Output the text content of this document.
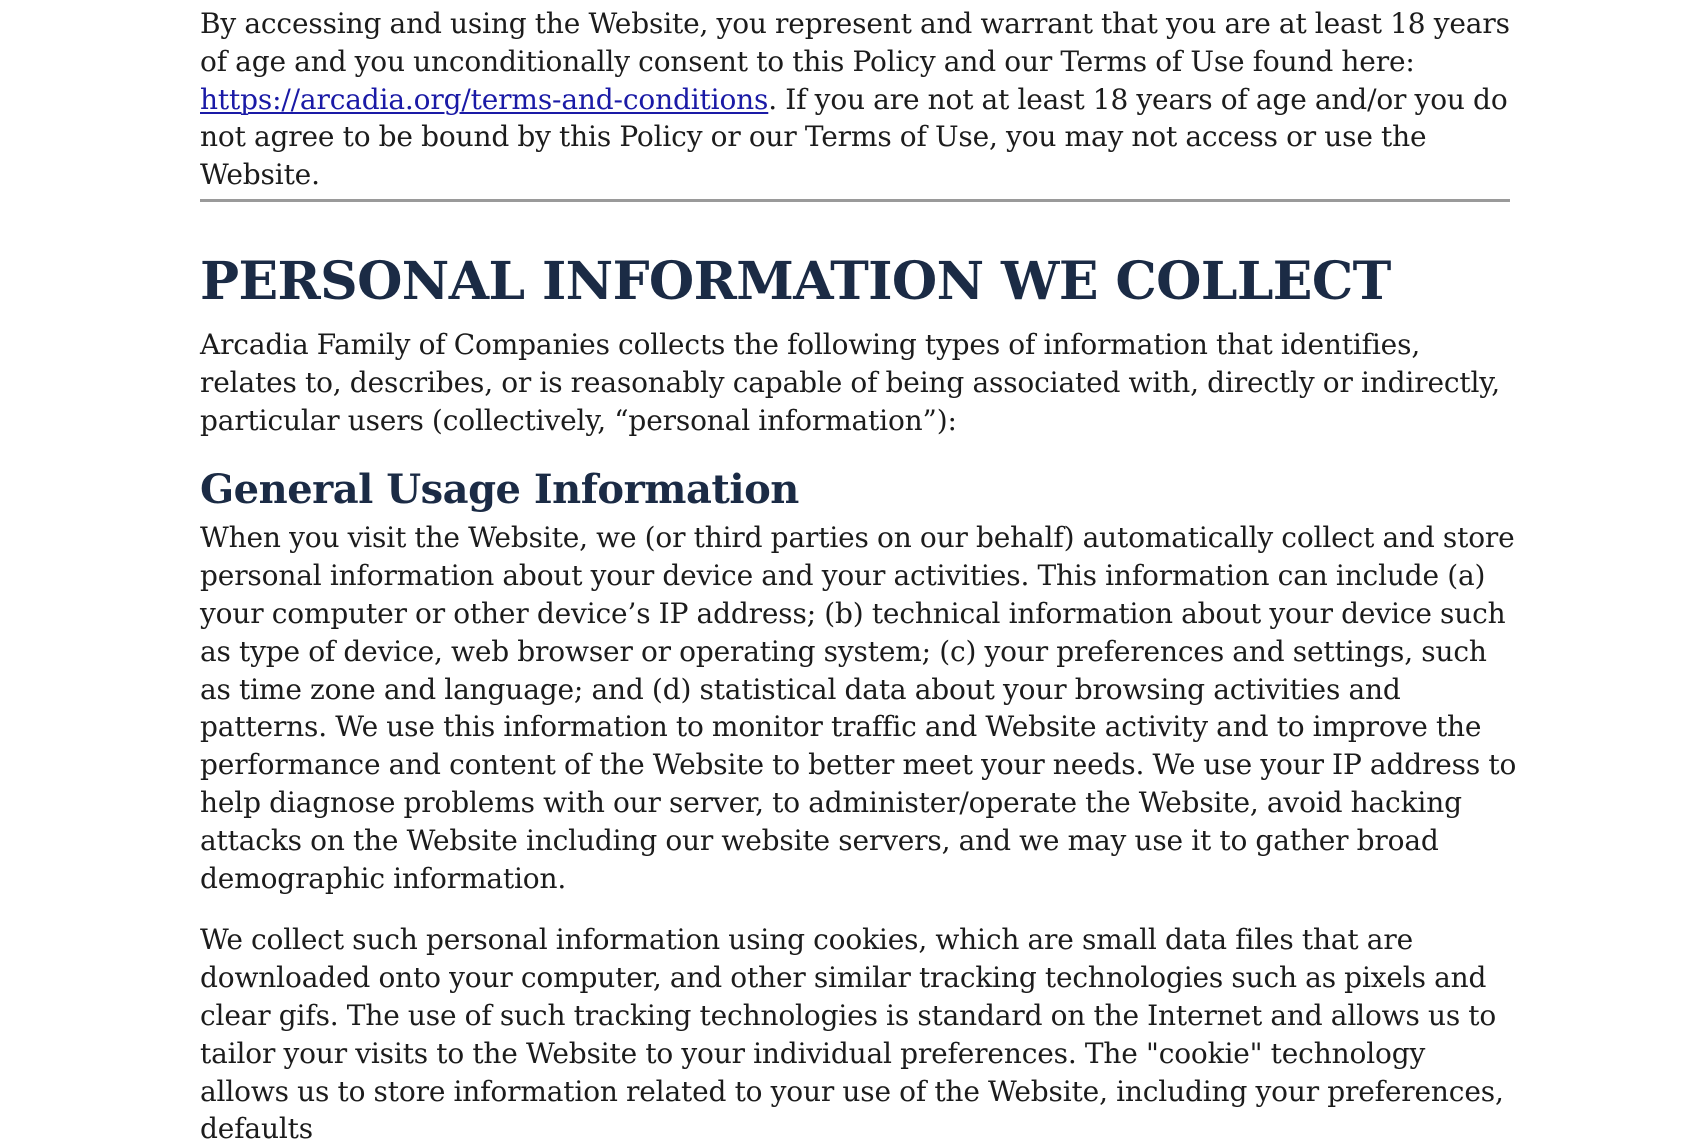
By accessing and using the Website, you represent and warrant that you are at least 18 years of age and you unconditionally consent to this Policy and our Terms of Use found here: https://arcadia.org/terms-and-conditions. If you are not at least 18 years of age and/or you do not agree to be bound by this Policy or our Terms of Use, you may not access or use the Website.

PERSONAL INFORMATION WE COLLECT

Arcadia Family of Companies collects the following types of information that identifies, relates to, describes, or is reasonably capable of being associated with, directly or indirectly, particular users (collectively, “personal information”):

General Usage Information

When you visit the Website, we (or third parties on our behalf) automatically collect and store personal information about your device and your activities. This information can include (a) your computer or other device’s IP address; (b) technical information about your device such as type of device, web browser or operating system; (c) your preferences and settings, such as time zone and language; and (d) statistical data about your browsing activities and patterns. We use this information to monitor traffic and Website activity and to improve the performance and content of the Website to better meet your needs. We use your IP address to help diagnose problems with our server, to administer/operate the Website, avoid hacking attacks on the Website including our website servers, and we may use it to gather broad demographic information.

We collect such personal information using cookies, which are small data files that are downloaded onto your computer, and other similar tracking technologies such as pixels and clear gifs. The use of such tracking technologies is standard on the Internet and allows us to tailor your visits to the Website to your individual preferences. The "cookie" technology allows us to store information related to your use of the Website, including your preferences, defaults
